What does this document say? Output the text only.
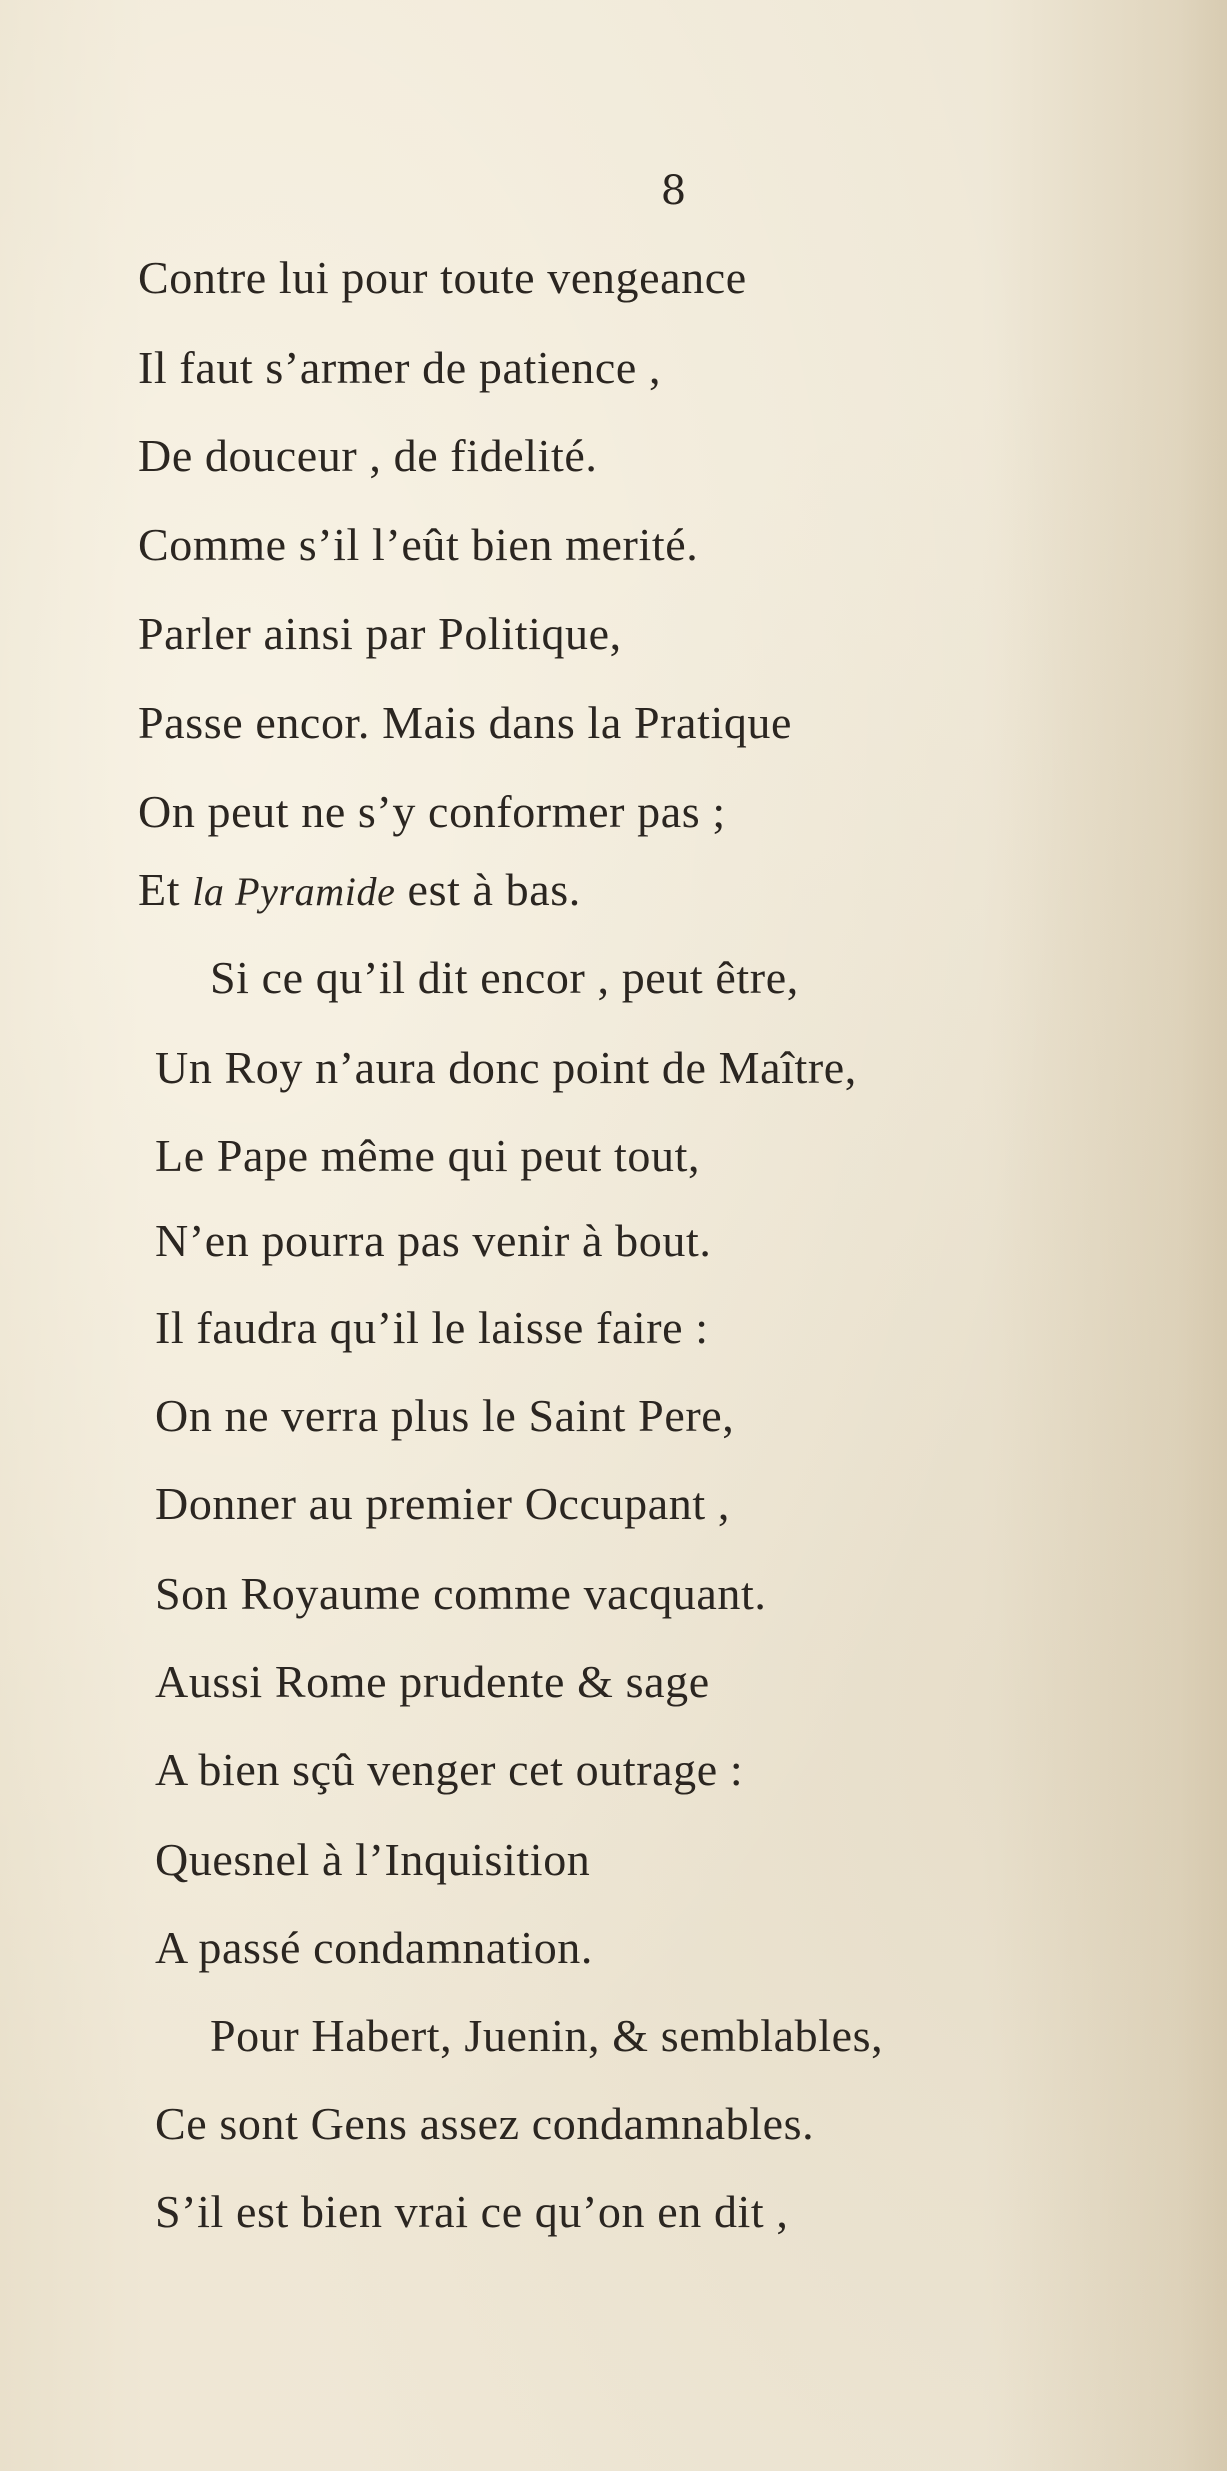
8
Contre lui pour toute vengeance
Il faut s’armer de patience ,
De douceur , de fidelité.
Comme s’il l’eût bien merité.
Parler ainsi par Politique,
Passe encor. Mais dans la Pratique
On peut ne s’y conformer pas ;
Et la Pyramide est à bas.
Si ce qu’il dit encor , peut être,
Un Roy n’aura donc point de Maître,
Le Pape même qui peut tout,
N’en pourra pas venir à bout.
Il faudra qu’il le laisse faire :
On ne verra plus le Saint Pere,
Donner au premier Occupant ,
Son Royaume comme vacquant.
Aussi Rome prudente & sage
A bien sçû venger cet outrage :
Quesnel à l’Inquisition
A passé condamnation.
Pour Habert, Juenin, & semblables,
Ce sont Gens assez condamnables.
S’il est bien vrai ce qu’on en dit ,
